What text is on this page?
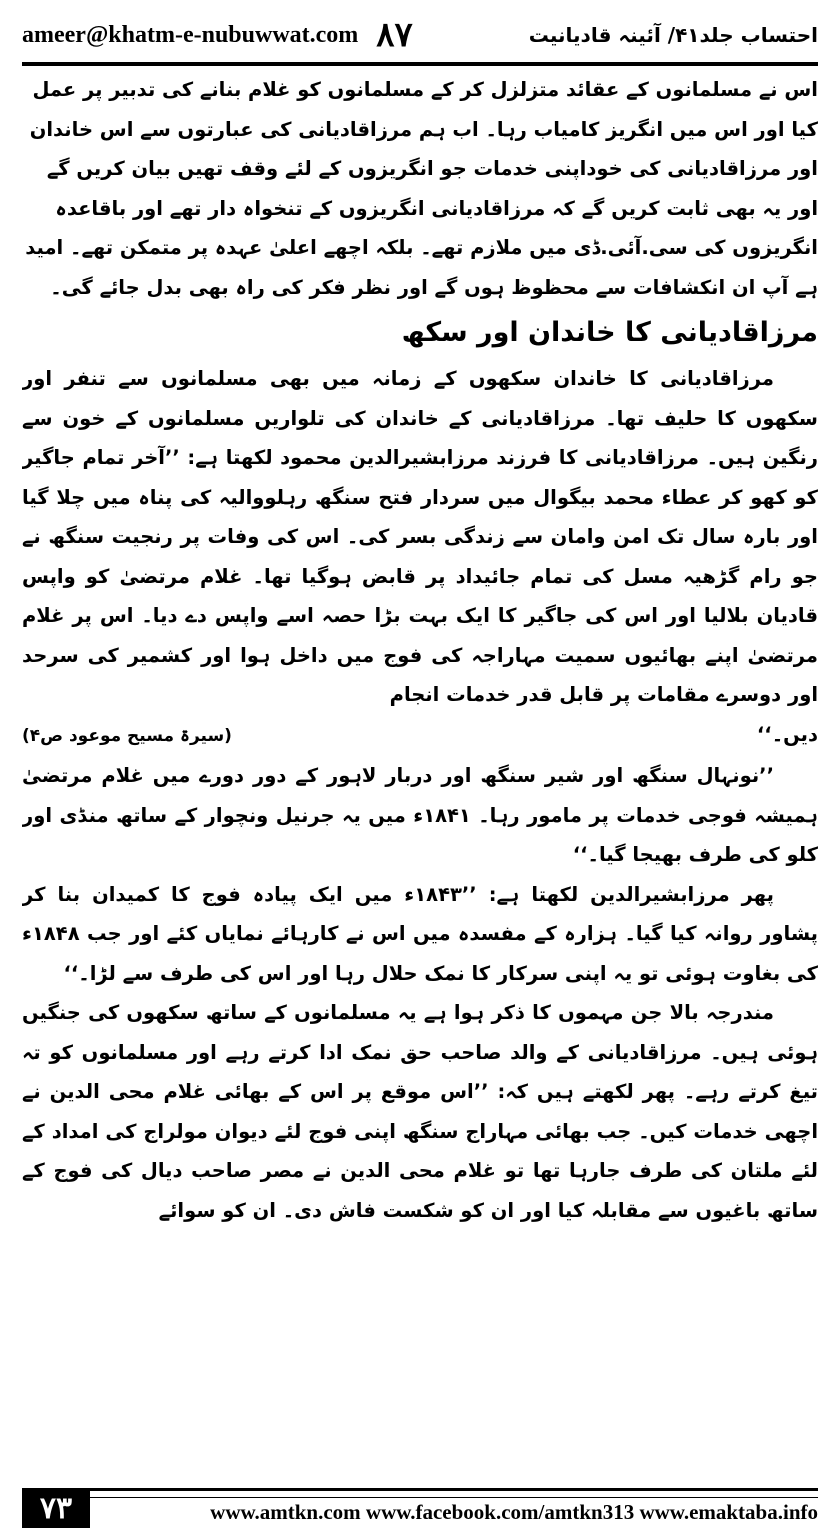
ameer@khatm-e-nubuwwat.com ۸۷	احتساب جلد۴۱/ آئینہ قادیانیت

اس نے مسلمانوں کے عقائد متزلزل کر کے مسلمانوں کو غلام بنانے کی تدبیر پر عمل کیا اور اس میں انگریز کامیاب رہا۔ اب ہم مرزاقادیانی کی عبارتوں سے اس خاندان اور مرزاقادیانی کی خوداپنی خدمات جو انگریزوں کے لئے وقف تھیں بیان کریں گے اور یہ بھی ثابت کریں گے کہ مرزاقادیانی انگریزوں کے تنخواہ دار تھے اور باقاعدہ انگریزوں کی سی.آئی.ڈی میں ملازم تھے۔ بلکہ اچھے اعلیٰ عہدہ پر متمکن تھے۔ امید ہے آپ ان انکشافات سے محظوظ ہوں گے اور نظر فکر کی راہ بھی بدل جائے گی۔

مرزاقادیانی کا خاندان اور سکھ

مرزاقادیانی کا خاندان سکھوں کے زمانہ میں بھی مسلمانوں سے تنفر اور سکھوں کا حلیف تھا۔ مرزاقادیانی کے خاندان کی تلواریں مسلمانوں کے خون سے رنگین ہیں۔ مرزاقادیانی کا فرزند مرزابشیرالدین محمود لکھتا ہے: ’’آخر تمام جاگیر کو کھو کر عطاء محمد بیگوال میں سردار فتح سنگھ رہلووالیہ کی پناہ میں چلا گیا اور بارہ سال تک امن وامان سے زندگی بسر کی۔ اس کی وفات پر رنجیت سنگھ نے جو رام گڑھیہ مسل کی تمام جائیداد پر قابض ہوگیا تھا۔ غلام مرتضیٰ کو واپس قادیان بلالیا اور اس کی جاگیر کا ایک بہت بڑا حصہ اسے واپس دے دیا۔ اس پر غلام مرتضیٰ اپنے بھائیوں سمیت مہاراجہ کی فوج میں داخل ہوا اور کشمیر کی سرحد اور دوسرے مقامات پر قابل قدر خدمات انجام

دیں۔‘‘
(سیرۃ مسیح موعود ص۴)

’’نونہال سنگھ اور شیر سنگھ اور دربار لاہور کے دور دورے میں غلام مرتضیٰ ہمیشہ فوجی خدمات پر مامور رہا۔ ۱۸۴۱ء میں یہ جرنیل ونچوار کے ساتھ منڈی اور کلو کی طرف بھیجا گیا۔‘‘

پھر مرزابشیرالدین لکھتا ہے: ’’۱۸۴۳ء میں ایک پیادہ فوج کا کمیدان بنا کر پشاور روانہ کیا گیا۔ ہزارہ کے مفسدہ میں اس نے کارہائے نمایاں کئے اور جب ۱۸۴۸ء کی بغاوت ہوئی تو یہ اپنی سرکار کا نمک حلال رہا اور اس کی طرف سے لڑا۔‘‘

مندرجہ بالا جن مہموں کا ذکر ہوا ہے یہ مسلمانوں کے ساتھ سکھوں کی جنگیں ہوئی ہیں۔ مرزاقادیانی کے والد صاحب حق نمک ادا کرتے رہے اور مسلمانوں کو تہ تیغ کرتے رہے۔ پھر لکھتے ہیں کہ: ’’اس موقع پر اس کے بھائی غلام محی الدین نے اچھی خدمات کیں۔ جب بھائی مہاراج سنگھ اپنی فوج لئے دیوان مولراج کی امداد کے لئے ملتان کی طرف جارہا تھا تو غلام محی الدین نے مصر صاحب دیال کی فوج کے ساتھ باغیوں سے مقابلہ کیا اور ان کو شکست فاش دی۔ ان کو سوائے

۷۳	www.amtkn.com www.facebook.com/amtkn313 www.emaktaba.info
